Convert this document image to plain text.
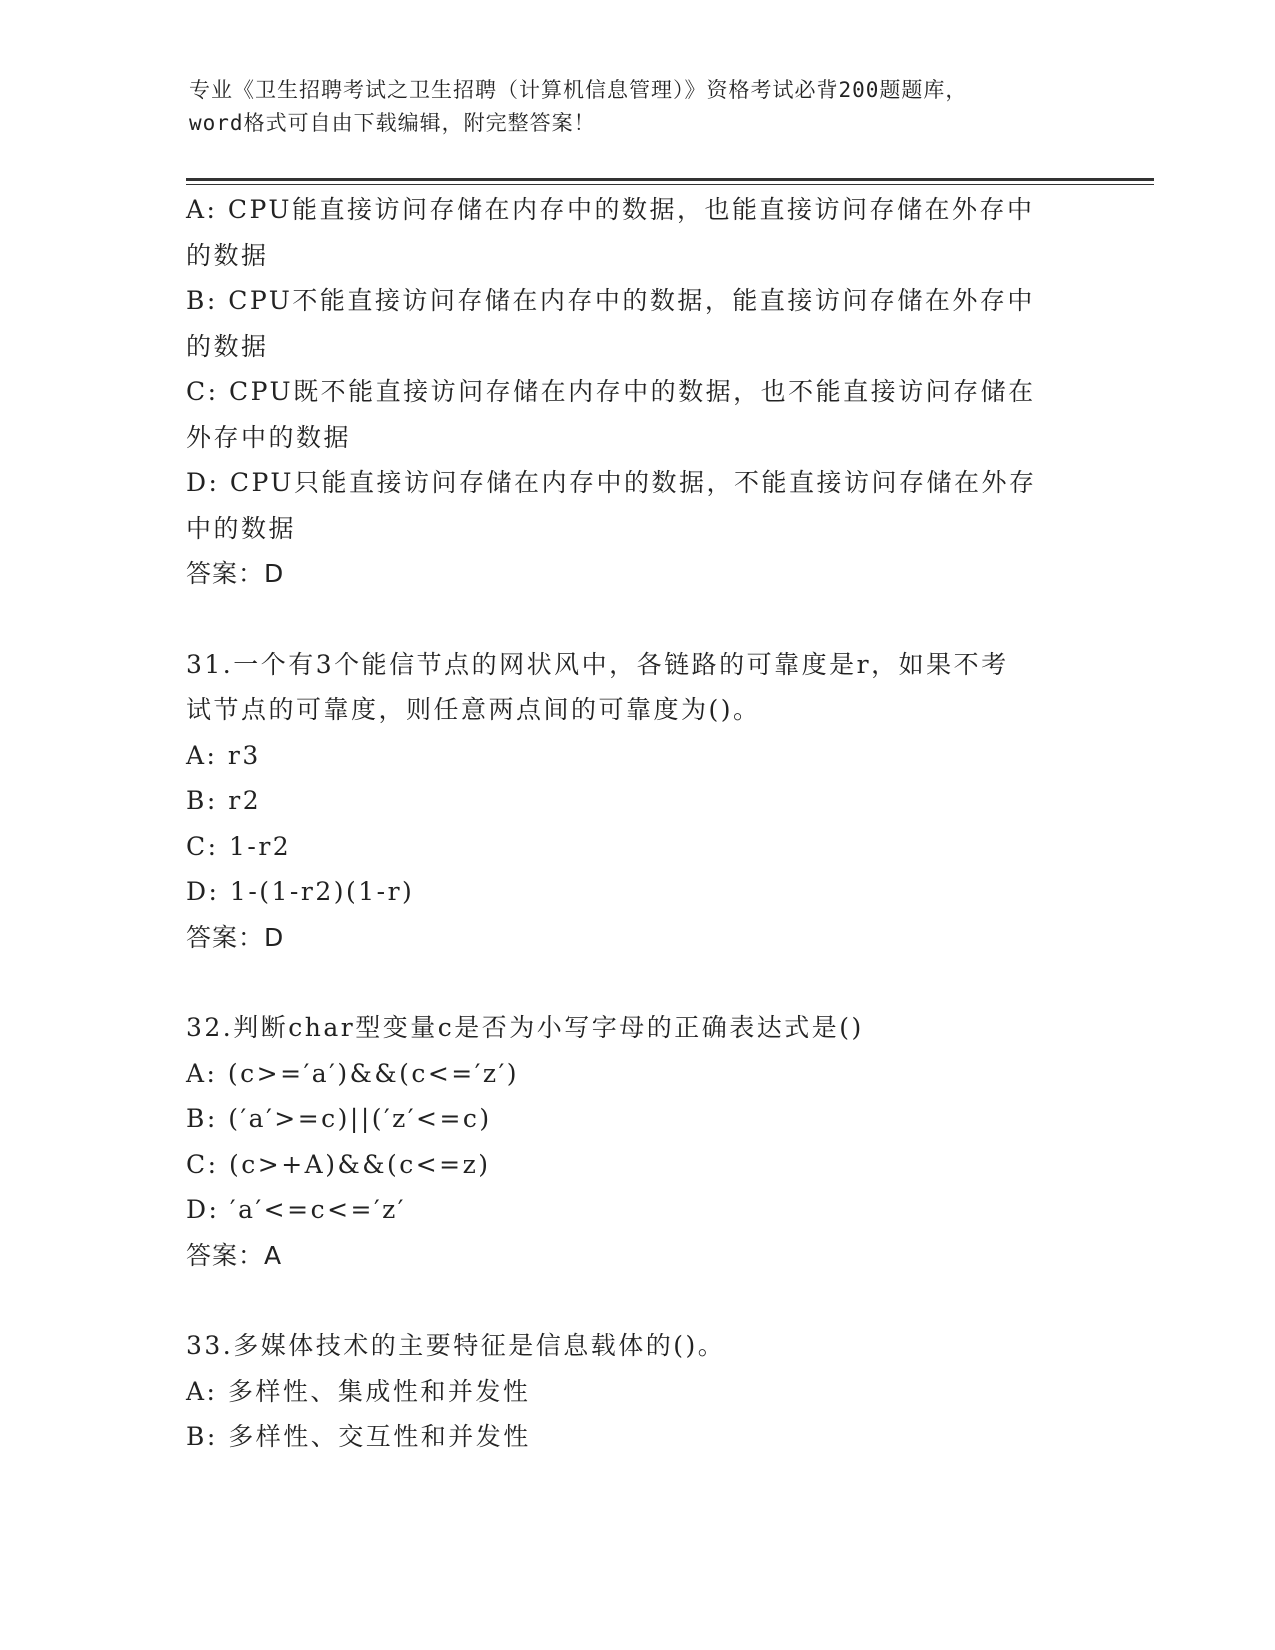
专业《卫生招聘考试之卫生招聘（计算机信息管理）》资格考试必背200题题库，
word格式可自由下载编辑，附完整答案！
A: CPU能直接访问存储在内存中的数据，也能直接访问存储在外存中
的数据
B: CPU不能直接访问存储在内存中的数据，能直接访问存储在外存中
的数据
C: CPU既不能直接访问存储在内存中的数据，也不能直接访问存储在
外存中的数据
D: CPU只能直接访问存储在内存中的数据，不能直接访问存储在外存
中的数据
答案：D
31.一个有3个能信节点的网状风中，各链路的可靠度是r，如果不考
试节点的可靠度，则任意两点间的可靠度为()。
A: r3
B: r2
C: 1-r2
D: 1-(1-r2)(1-r)
答案：D
32.判断char型变量c是否为小写字母的正确表达式是()
A: (c>=′a′)&&(c<=′z′)
B: (′a′>=c)||(′z′<=c)
C: (c>+A)&&(c<=z)
D: ′a′<=c<=′z′
答案：A
33.多媒体技术的主要特征是信息载体的()。
A: 多样性、集成性和并发性
B: 多样性、交互性和并发性
